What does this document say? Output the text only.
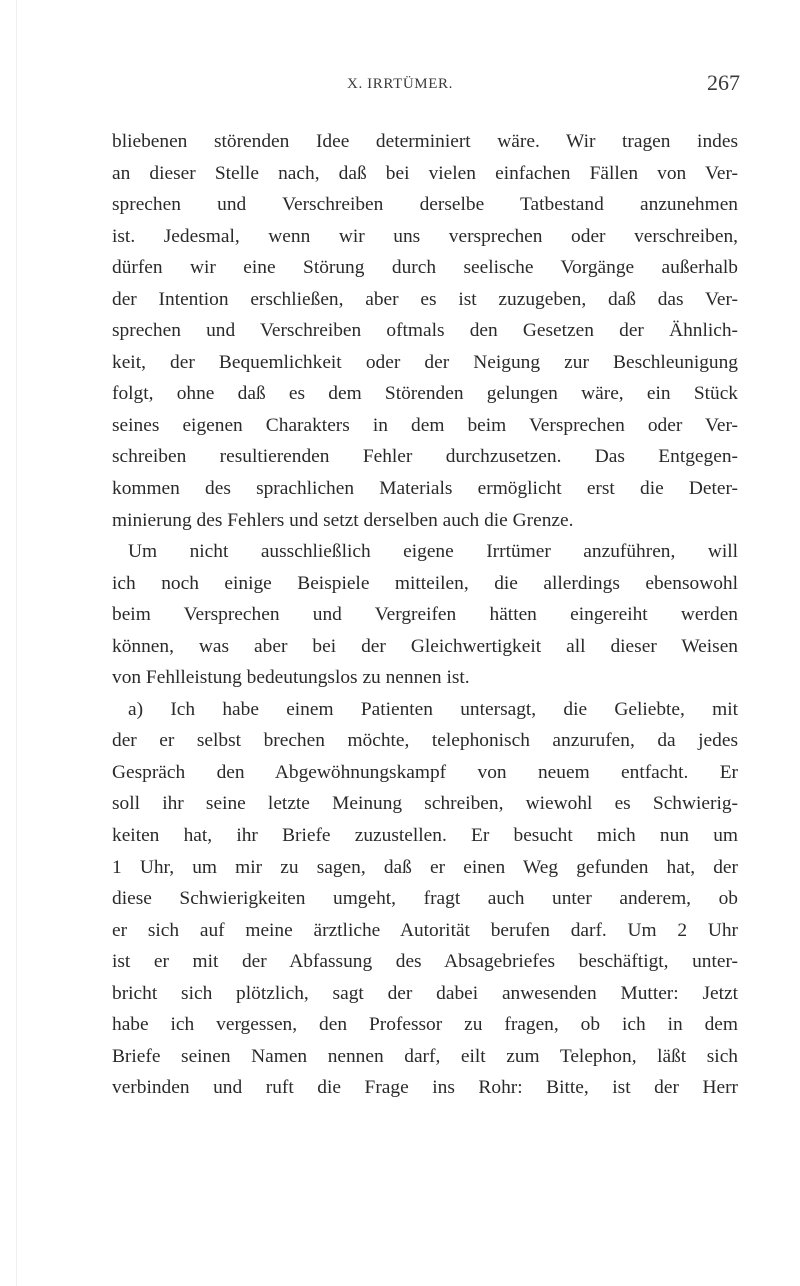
X. IRRTÜMER.	267
bliebenen störenden Idee determiniert wäre. Wir tragen indes
an dieser Stelle nach, daß bei vielen einfachen Fällen von Ver-
sprechen und Verschreiben derselbe Tatbestand anzunehmen
ist. Jedesmal, wenn wir uns versprechen oder verschreiben,
dürfen wir eine Störung durch seelische Vorgänge außerhalb
der Intention erschließen, aber es ist zuzugeben, daß das Ver-
sprechen und Verschreiben oftmals den Gesetzen der Ähnlich-
keit, der Bequemlichkeit oder der Neigung zur Beschleunigung
folgt, ohne daß es dem Störenden gelungen wäre, ein Stück
seines eigenen Charakters in dem beim Versprechen oder Ver-
schreiben resultierenden Fehler durchzusetzen. Das Entgegen-
kommen des sprachlichen Materials ermöglicht erst die Deter-
minierung des Fehlers und setzt derselben auch die Grenze.
Um nicht ausschließlich eigene Irrtümer anzuführen, will
ich noch einige Beispiele mitteilen, die allerdings ebensowohl
beim Versprechen und Vergreifen hätten eingereiht werden
können, was aber bei der Gleichwertigkeit all dieser Weisen
von Fehlleistung bedeutungslos zu nennen ist.
a) Ich habe einem Patienten untersagt, die Geliebte, mit
der er selbst brechen möchte, telephonisch anzurufen, da jedes
Gespräch den Abgewöhnungskampf von neuem entfacht. Er
soll ihr seine letzte Meinung schreiben, wiewohl es Schwierig-
keiten hat, ihr Briefe zuzustellen. Er besucht mich nun um
1 Uhr, um mir zu sagen, daß er einen Weg gefunden hat, der
diese Schwierigkeiten umgeht, fragt auch unter anderem, ob
er sich auf meine ärztliche Autorität berufen darf. Um 2 Uhr
ist er mit der Abfassung des Absagebriefes beschäftigt, unter-
bricht sich plötzlich, sagt der dabei anwesenden Mutter: Jetzt
habe ich vergessen, den Professor zu fragen, ob ich in dem
Briefe seinen Namen nennen darf, eilt zum Telephon, läßt sich
verbinden und ruft die Frage ins Rohr: Bitte, ist der Herr
